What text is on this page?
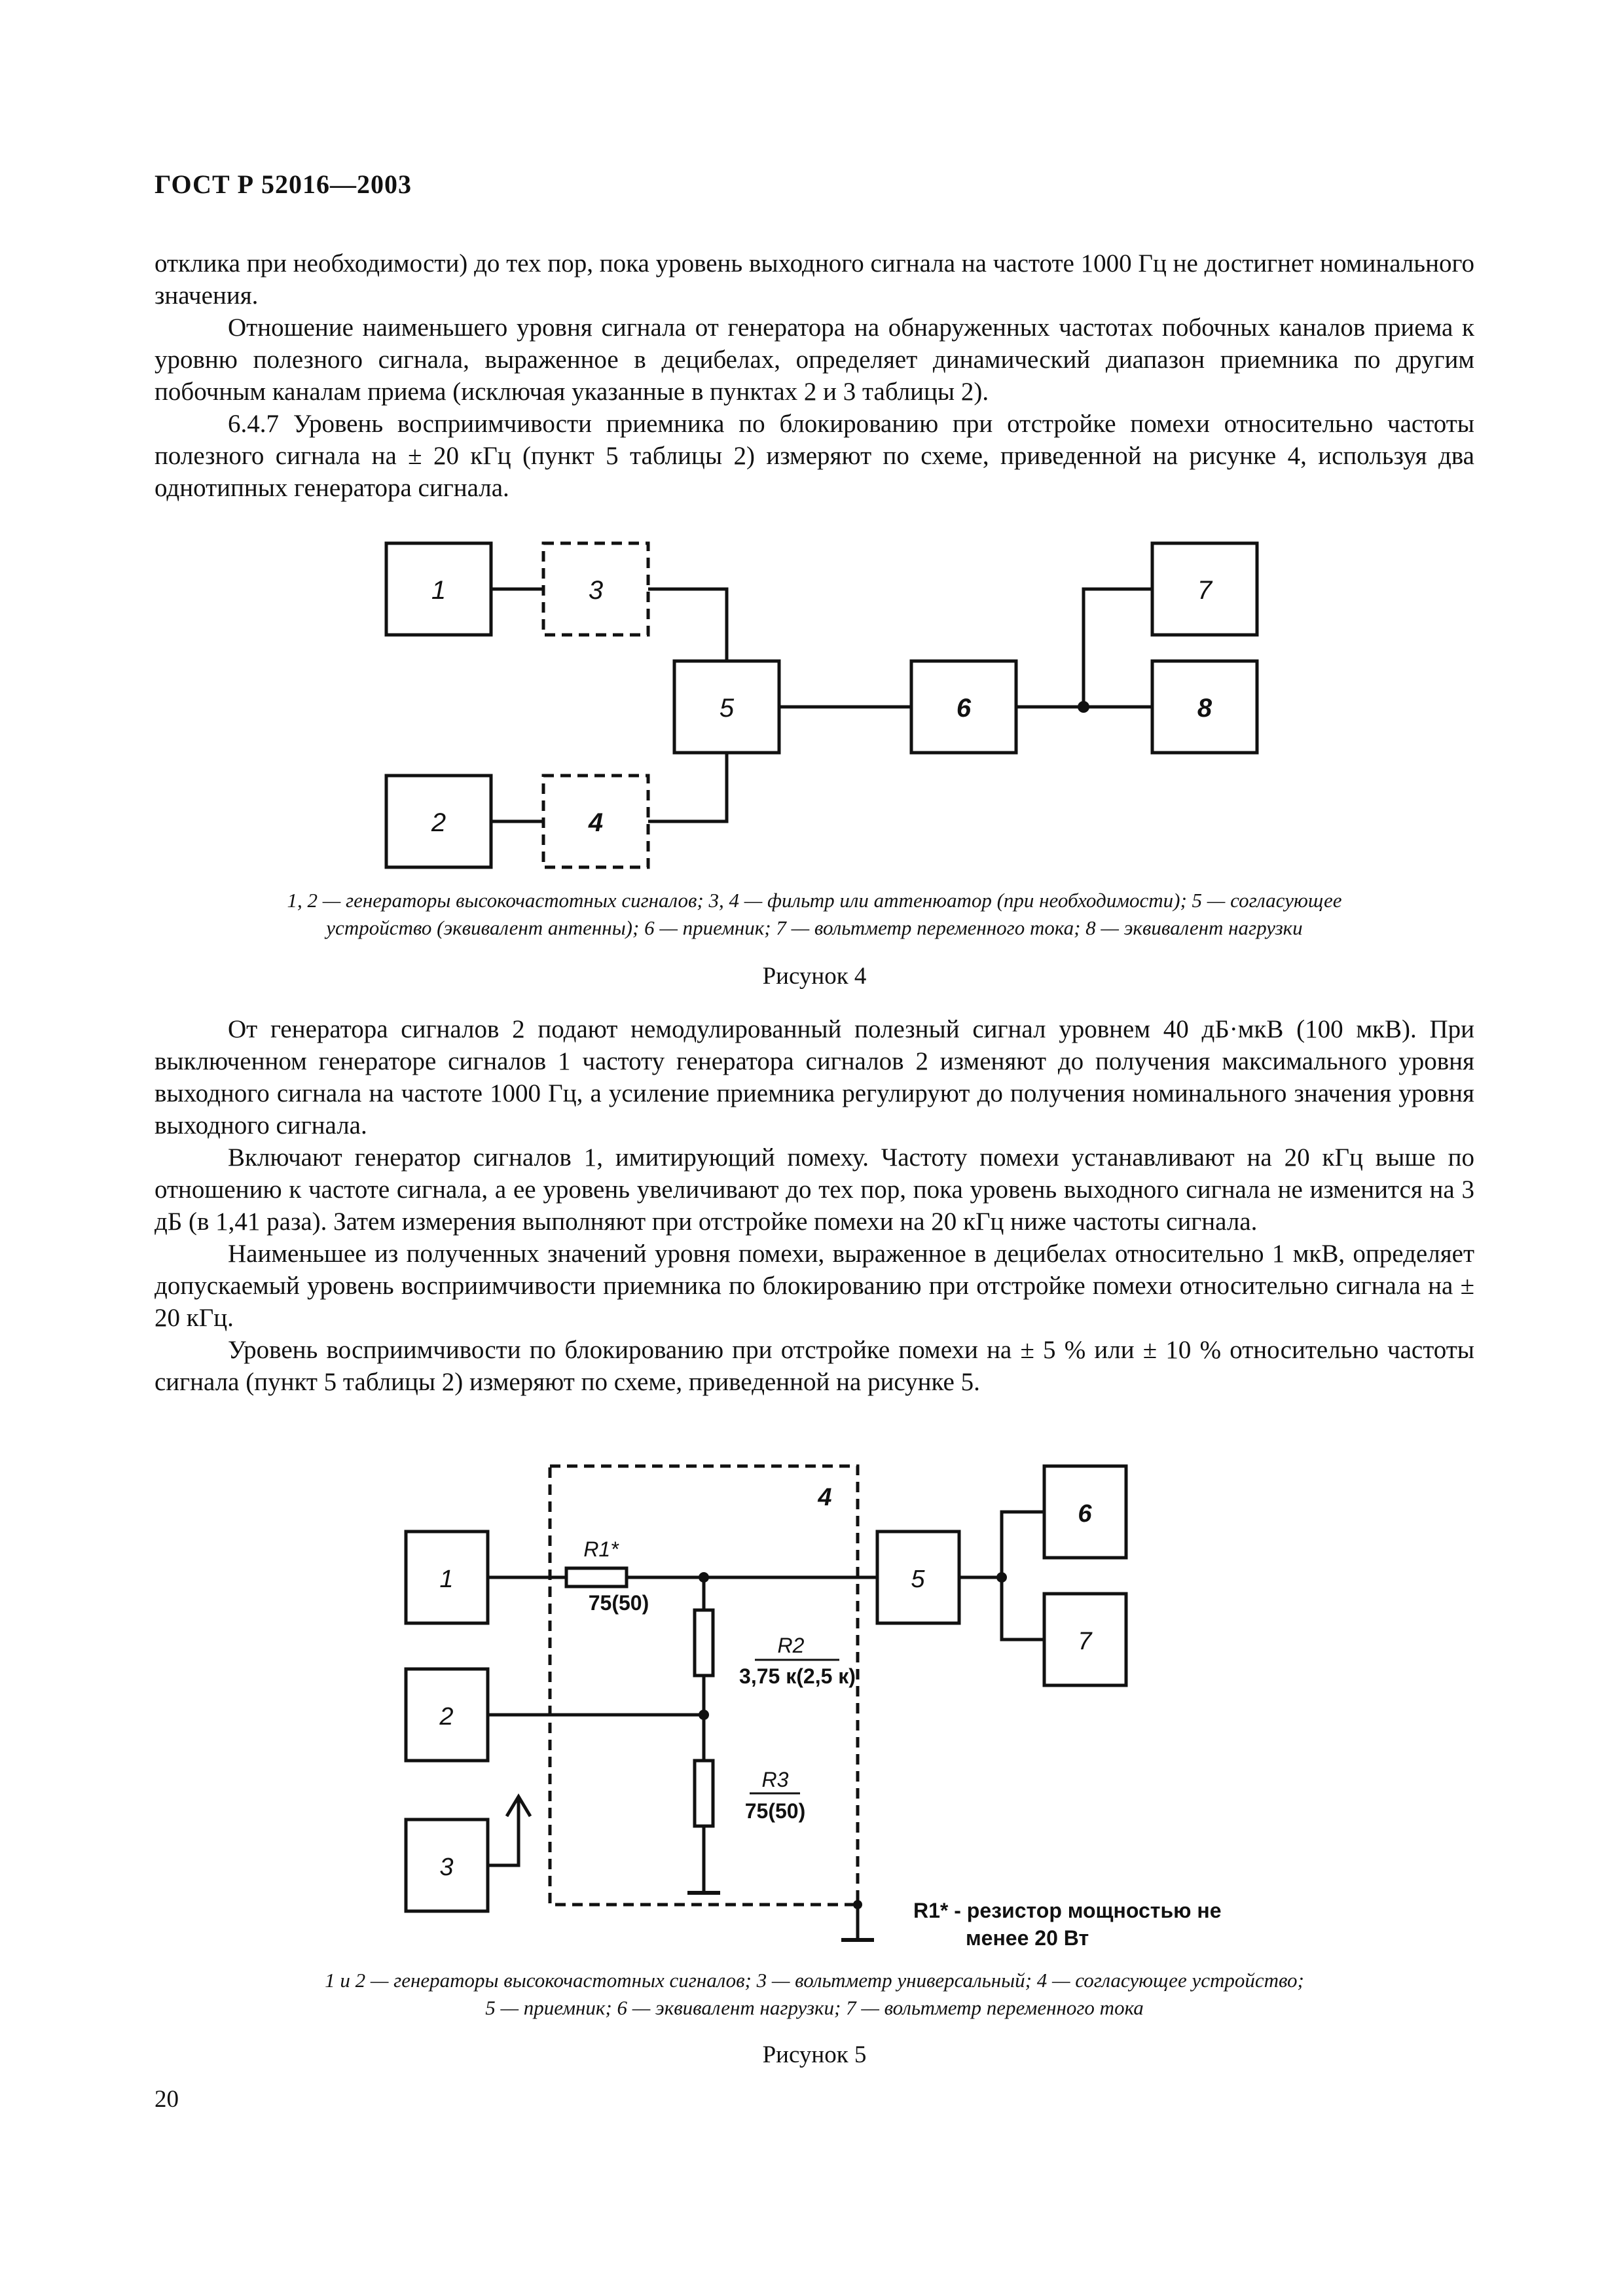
ГОСТ Р 52016—2003

отклика при необходимости) до тех пор, пока уровень выходного сигнала на частоте 1000 Гц не достигнет номинального значения.

Отношение наименьшего уровня сигнала от генератора на обнаруженных частотах побочных каналов приема к уровню полезного сигнала, выраженное в децибелах, определяет динамический диапазон приемника по другим побочным каналам приема (исключая указанные в пунктах 2 и 3 таблицы 2).

6.4.7 Уровень восприимчивости приемника по блокированию при отстройке помехи относительно частоты полезного сигнала на ± 20 кГц (пункт 5 таблицы 2) измеряют по схеме, приведенной на рисунке 4, используя два однотипных генератора сигнала.

1	3
5	6
7
8
2	4
1, 2 — генераторы высокочастотных сигналов; 3, 4 — фильтр или аттенюатор (при необходимости); 5 — согласующее
устройство (эквивалент антенны); 6 — приемник; 7 — вольтметр переменного тока; 8 — эквивалент нагрузки
Рисунок 4

От генератора сигналов 2 подают немодулированный полезный сигнал уровнем 40 дБ·мкВ (100 мкВ). При выключенном генераторе сигналов 1 частоту генератора сигналов 2 изменяют до получения максимального уровня выходного сигнала на частоте 1000 Гц, а усиление приемника регулируют до получения номинального значения уровня выходного сигнала.

Включают генератор сигналов 1, имитирующий помеху. Частоту помехи устанавливают на 20 кГц выше по отношению к частоте сигнала, а ее уровень увеличивают до тех пор, пока уровень выходного сигнала не изменится на 3 дБ (в 1,41 раза). Затем измерения выполняют при отстройке помехи на 20 кГц ниже частоты сигнала.

Наименьшее из полученных значений уровня помехи, выраженное в децибелах относительно 1 мкВ, определяет допускаемый уровень восприимчивости приемника по блокированию при отстройке помехи относительно сигнала на ± 20 кГц.

Уровень восприимчивости по блокированию при отстройке помехи на ± 5 % или ± 10 % относительно частоты сигнала (пункт 5 таблицы 2) измеряют по схеме, приведенной на рисунке 5.

1
2
3
5
6
7
4
R1*
75(50)
R2
3,75 к(2,5 к)
R3
75(50)
R1* - резистор мощностью не
менее 20 Вт
1 и 2 — генераторы высокочастотных сигналов; 3 — вольтметр универсальный; 4 — согласующее устройство;
5 — приемник; 6 — эквивалент нагрузки; 7 — вольтметр переменного тока
Рисунок 5
20
